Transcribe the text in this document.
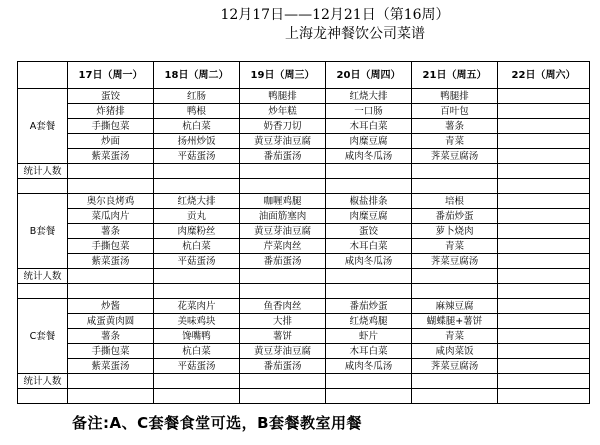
12月17日——12月21日（第16周）
上海龙神餐饮公司菜谱
	17日（周一）	18日（周二）	19日（周三）	20日（周四）	21日（周五）	22日（周六）
A套餐	蛋饺	红肠	鸭腿排	红烧大排	鸭腿排	
	炸猪排	鸭根	炒年糕	一口肠	百叶包	
	手撕包菜	杭白菜	奶香刀切	木耳白菜	薯条	
	炒面	扬州炒饭	黄豆芽油豆腐	肉糜豆腐	青菜	
	紫菜蛋汤	平菇蛋汤	番茄蛋汤	咸肉冬瓜汤	荠菜豆腐汤	
统计人数						

B套餐	奥尔良烤鸡	红烧大排	咖喱鸡腿	椒盐排条	培根	
	菜瓜肉片	贡丸	油面筋塞肉	肉糜豆腐	番茄炒蛋	
	薯条	肉糜粉丝	黄豆芽油豆腐	蛋饺	萝卜烧肉	
	手撕包菜	杭白菜	芹菜肉丝	木耳白菜	青菜	
	紫菜蛋汤	平菇蛋汤	番茄蛋汤	咸肉冬瓜汤	荠菜豆腐汤	
统计人数						

C套餐	炒酱	花菜肉片	鱼香肉丝	番茄炒蛋	麻辣豆腐	
	咸蛋黄肉圆	美味鸡块	大排	红烧鸡腿	蝴蝶腿+薯饼	
	薯条	馋嘴鸭	薯饼	虾片	青菜	
	手撕包菜	杭白菜	黄豆芽油豆腐	木耳白菜	咸肉菜饭	
	紫菜蛋汤	平菇蛋汤	番茄蛋汤	咸肉冬瓜汤	荠菜豆腐汤	
统计人数						

备注:A、C套餐食堂可选，B套餐教室用餐
